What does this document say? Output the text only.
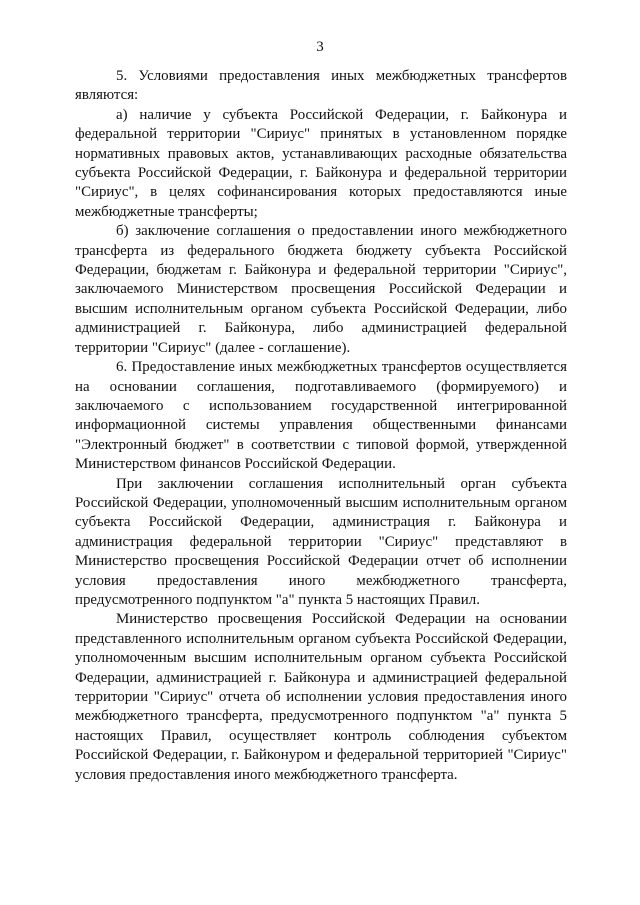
3

5. Условиями предоставления иных межбюджетных трансфертов являются:

а) наличие у субъекта Российской Федерации, г. Байконура и федеральной территории "Сириус" принятых в установленном порядке нормативных правовых актов, устанавливающих расходные обязательства субъекта Российской Федерации, г. Байконура и федеральной территории "Сириус", в целях софинансирования которых предоставляются иные межбюджетные трансферты;

б) заключение соглашения о предоставлении иного межбюджетного трансферта из федерального бюджета бюджету субъекта Российской Федерации, бюджетам г. Байконура и федеральной территории "Сириус", заключаемого Министерством просвещения Российской Федерации и высшим исполнительным органом субъекта Российской Федерации, либо администрацией г. Байконура, либо администрацией федеральной территории "Сириус" (далее - соглашение).

6. Предоставление иных межбюджетных трансфертов осуществляется на основании соглашения, подготавливаемого (формируемого) и заключаемого с использованием государственной интегрированной информационной системы управления общественными финансами "Электронный бюджет" в соответствии с типовой формой, утвержденной Министерством финансов Российской Федерации.

При заключении соглашения исполнительный орган субъекта Российской Федерации, уполномоченный высшим исполнительным органом субъекта Российской Федерации, администрация г. Байконура и администрация федеральной территории "Сириус" представляют в Министерство просвещения Российской Федерации отчет об исполнении условия предоставления иного межбюджетного трансферта, предусмотренного подпунктом "а" пункта 5 настоящих Правил.

Министерство просвещения Российской Федерации на основании представленного исполнительным органом субъекта Российской Федерации, уполномоченным высшим исполнительным органом субъекта Российской Федерации, администрацией г. Байконура и администрацией федеральной территории "Сириус" отчета об исполнении условия предоставления иного межбюджетного трансферта, предусмотренного подпунктом "а" пункта 5 настоящих Правил, осуществляет контроль соблюдения субъектом Российской Федерации, г. Байконуром и федеральной территорией "Сириус" условия предоставления иного межбюджетного трансферта.
